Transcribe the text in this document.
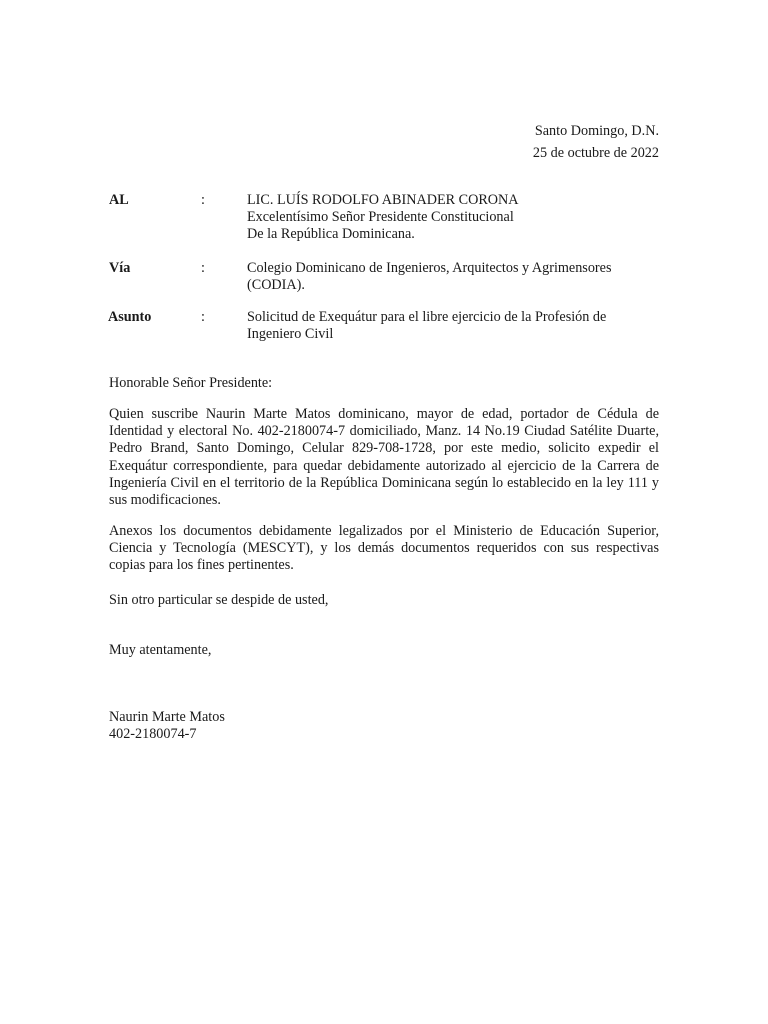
Santo Domingo, D.N.
25 de octubre de 2022
AL	:	LIC. LUÍS RODOLFO ABINADER CORONA
Excelentísimo Señor Presidente Constitucional
De la República Dominicana.
Vía	:	Colegio Dominicano de Ingenieros, Arquitectos y Agrimensores (CODIA).
Asunto	:	Solicitud de Exequátur para el libre ejercicio de la Profesión de Ingeniero Civil

Honorable Señor Presidente:

Quien suscribe Naurin Marte Matos dominicano, mayor de edad, portador de Cédula de Identidad y electoral No. 402-2180074-7 domiciliado, Manz. 14 No.19 Ciudad Satélite Duarte, Pedro Brand, Santo Domingo, Celular 829-708-1728, por este medio, solicito expedir el Exequátur correspondiente, para quedar debidamente autorizado al ejercicio de la Carrera de Ingeniería Civil en el territorio de la República Dominicana según lo establecido en la ley 111 y sus modificaciones.

Anexos los documentos debidamente legalizados por el Ministerio de Educación Superior, Ciencia y Tecnología (MESCYT), y los demás documentos requeridos con sus respectivas copias para los fines pertinentes.

Sin otro particular se despide de usted,

Muy atentamente,

Naurin Marte Matos
402-2180074-7
